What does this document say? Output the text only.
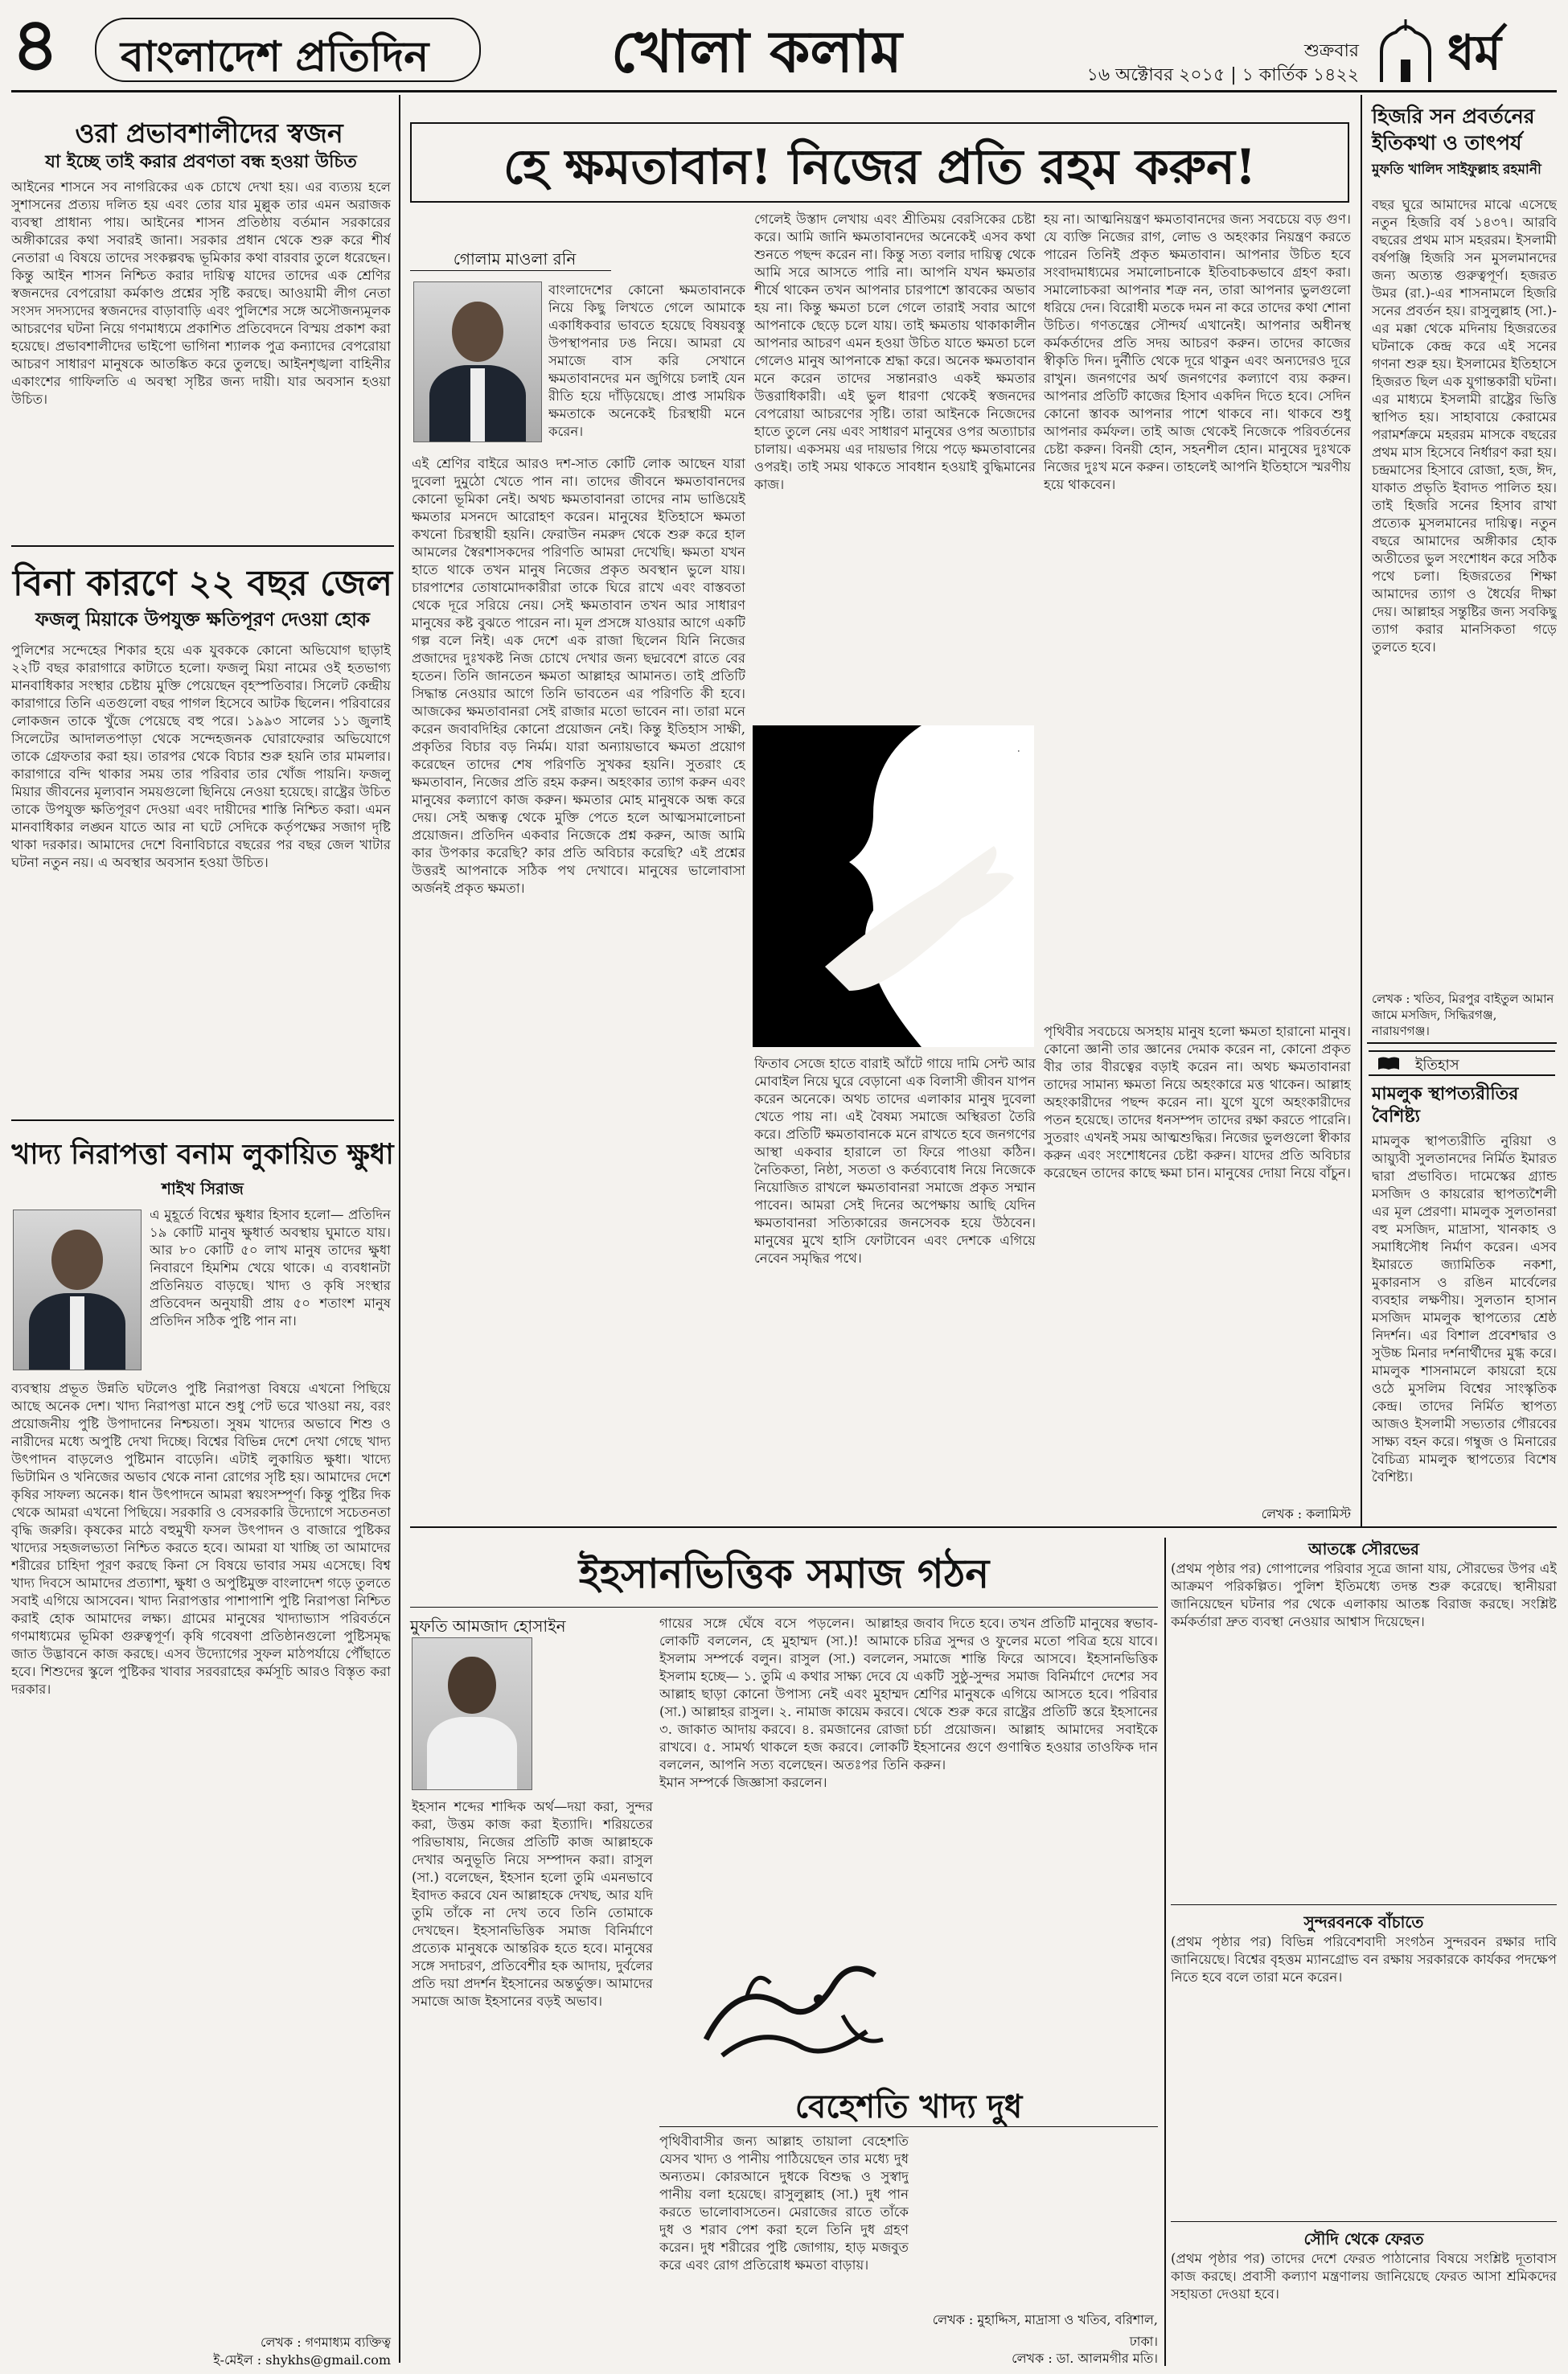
৪ বাংলাদেশ প্রতিদিন	খোলা কলাম	শুক্রবার
১৬ অক্টোবর ২০১৫ | ১ কার্তিক ১৪২২ ধর্ম
ওরা প্রভাবশালীদের স্বজন
যা ইচ্ছে তাই করার প্রবণতা বন্ধ হওয়া উচিত
আইনের শাসনে সব নাগরিকের এক চোখে দেখা হয়। এর ব্যত্যয় হলে সুশাসনের প্রত্যয় দলিত হয় এবং তোর যার মুল্লুক তার এমন অরাজক ব্যবস্থা প্রাধান্য পায়। আইনের শাসন প্রতিষ্ঠায় বর্তমান সরকারের অঙ্গীকারের কথা সবারই জানা। সরকার প্রধান থেকে শুরু করে শীর্ষ নেতারা এ বিষয়ে তাদের সংকল্পবদ্ধ ভূমিকার কথা বারবার তুলে ধরেছেন। কিন্তু আইন শাসন নিশ্চিত করার দায়িত্ব যাদের তাদের এক শ্রেণির স্বজনদের বেপরোয়া কর্মকাণ্ড প্রশ্নের সৃষ্টি করছে। আওয়ামী লীগ নেতা সংসদ সদস্যদের স্বজনদের বাড়াবাড়ি এবং পুলিশের সঙ্গে অসৌজন্যমূলক আচরণের ঘটনা নিয়ে গণমাধ্যমে প্রকাশিত প্রতিবেদনে বিস্ময় প্রকাশ করা হয়েছে। প্রভাবশালীদের ভাইপো ভাগিনা শ্যালক পুত্র কন্যাদের বেপরোয়া আচরণ সাধারণ মানুষকে আতঙ্কিত করে তুলছে। আইনশৃঙ্খলা বাহিনীর একাংশের গাফিলতি এ অবস্থা সৃষ্টির জন্য দায়ী। যার অবসান হওয়া উচিত।
বিনা কারণে ২২ বছর জেল
ফজলু মিয়াকে উপযুক্ত ক্ষতিপূরণ দেওয়া হোক
পুলিশের সন্দেহের শিকার হয়ে এক যুবককে কোনো অভিযোগ ছাড়াই ২২টি বছর কারাগারে কাটাতে হলো। ফজলু মিয়া নামের ওই হতভাগ্য মানবাধিকার সংস্থার চেষ্টায় মুক্তি পেয়েছেন বৃহস্পতিবার। সিলেট কেন্দ্রীয় কারাগারে তিনি এতগুলো বছর পাগল হিসেবে আটক ছিলেন। পরিবারের লোকজন তাকে খুঁজে পেয়েছে বহু পরে। ১৯৯৩ সালের ১১ জুলাই সিলেটের আদালতপাড়া থেকে সন্দেহজনক ঘোরাফেরার অভিযোগে তাকে গ্রেফতার করা হয়। তারপর থেকে বিচার শুরু হয়নি তার মামলার। কারাগারে বন্দি থাকার সময় তার পরিবার তার খোঁজ পায়নি। ফজলু মিয়ার জীবনের মূল্যবান সময়গুলো ছিনিয়ে নেওয়া হয়েছে। রাষ্ট্রের উচিত তাকে উপযুক্ত ক্ষতিপূরণ দেওয়া এবং দায়ীদের শাস্তি নিশ্চিত করা। এমন মানবাধিকার লঙ্ঘন যাতে আর না ঘটে সেদিকে কর্তৃপক্ষের সজাগ দৃষ্টি থাকা দরকার। আমাদের দেশে বিনাবিচারে বছরের পর বছর জেল খাটার ঘটনা নতুন নয়। এ অবস্থার অবসান হওয়া উচিত।
খাদ্য নিরাপত্তা বনাম লুকায়িত ক্ষুধা
শাইখ সিরাজ
এ মুহূর্তে বিশ্বের ক্ষুধার হিসাব হলো— প্রতিদিন ১৯ কোটি মানুষ ক্ষুধার্ত অবস্থায় ঘুমাতে যায়। আর ৮০ কোটি ৫০ লাখ মানুষ তাদের ক্ষুধা নিবারণে হিমশিম খেয়ে থাকে। এ ব্যবধানটা প্রতিনিয়ত বাড়ছে। খাদ্য ও কৃষি সংস্থার প্রতিবেদন অনুযায়ী প্রায় ৫০ শতাংশ মানুষ প্রতিদিন সঠিক পুষ্টি পান না।
ব্যবস্থায় প্রভূত উন্নতি ঘটলেও পুষ্টি নিরাপত্তা বিষয়ে এখনো পিছিয়ে আছে অনেক দেশ। খাদ্য নিরাপত্তা মানে শুধু পেট ভরে খাওয়া নয়, বরং প্রয়োজনীয় পুষ্টি উপাদানের নিশ্চয়তা। সুষম খাদ্যের অভাবে শিশু ও নারীদের মধ্যে অপুষ্টি দেখা দিচ্ছে। বিশ্বের বিভিন্ন দেশে দেখা গেছে খাদ্য উৎপাদন বাড়লেও পুষ্টিমান বাড়েনি। এটাই লুকায়িত ক্ষুধা। খাদ্যে ভিটামিন ও খনিজের অভাব থেকে নানা রোগের সৃষ্টি হয়। আমাদের দেশে কৃষির সাফল্য অনেক। ধান উৎপাদনে আমরা স্বয়ংসম্পূর্ণ। কিন্তু পুষ্টির দিক থেকে আমরা এখনো পিছিয়ে। সরকারি ও বেসরকারি উদ্যোগে সচেতনতা বৃদ্ধি জরুরি। কৃষকের মাঠে বহুমুখী ফসল উৎপাদন ও বাজারে পুষ্টিকর খাদ্যের সহজলভ্যতা নিশ্চিত করতে হবে। আমরা যা খাচ্ছি তা আমাদের শরীরের চাহিদা পূরণ করছে কিনা সে বিষয়ে ভাবার সময় এসেছে। বিশ্ব খাদ্য দিবসে আমাদের প্রত্যাশা, ক্ষুধা ও অপুষ্টিমুক্ত বাংলাদেশ গড়ে তুলতে সবাই এগিয়ে আসবেন। খাদ্য নিরাপত্তার পাশাপাশি পুষ্টি নিরাপত্তা নিশ্চিত করাই হোক আমাদের লক্ষ্য। গ্রামের মানুষের খাদ্যাভ্যাস পরিবর্তনে গণমাধ্যমের ভূমিকা গুরুত্বপূর্ণ। কৃষি গবেষণা প্রতিষ্ঠানগুলো পুষ্টিসমৃদ্ধ জাত উদ্ভাবনে কাজ করছে। এসব উদ্যোগের সুফল মাঠপর্যায়ে পৌঁছাতে হবে। শিশুদের স্কুলে পুষ্টিকর খাবার সরবরাহের কর্মসূচি আরও বিস্তৃত করা দরকার।
লেখক : গণমাধ্যম ব্যক্তিত্ব
ই-মেইল : shykhs@gmail.com
হে ক্ষমতাবান! নিজের প্রতি রহম করুন!
গোলাম মাওলা রনি
বাংলাদেশের কোনো ক্ষমতাবানকে নিয়ে কিছু লিখতে গেলে আমাকে একাধিকবার ভাবতে হয়েছে বিষয়বস্তু উপস্থাপনার ঢঙ নিয়ে। আমরা যে সমাজে বাস করি সেখানে ক্ষমতাবানদের মন জুগিয়ে চলাই যেন রীতি হয়ে দাঁড়িয়েছে। প্রাপ্ত সাময়িক ক্ষমতাকে অনেকেই চিরস্থায়ী মনে করেন।
এই শ্রেণির বাইরে আরও দশ-সাত কোটি লোক আছেন যারা দুবেলা দুমুঠো খেতে পান না। তাদের জীবনে ক্ষমতাবানদের কোনো ভূমিকা নেই। অথচ ক্ষমতাবানরা তাদের নাম ভাঙিয়েই ক্ষমতার মসনদে আরোহণ করেন। মানুষের ইতিহাসে ক্ষমতা কখনো চিরস্থায়ী হয়নি। ফেরাউন নমরুদ থেকে শুরু করে হাল আমলের স্বৈরশাসকদের পরিণতি আমরা দেখেছি। ক্ষমতা যখন হাতে থাকে তখন মানুষ নিজের প্রকৃত অবস্থান ভুলে যায়। চারপাশের তোষামোদকারীরা তাকে ঘিরে রাখে এবং বাস্তবতা থেকে দূরে সরিয়ে নেয়। সেই ক্ষমতাবান তখন আর সাধারণ মানুষের কষ্ট বুঝতে পারেন না। মূল প্রসঙ্গে যাওয়ার আগে একটি গল্প বলে নিই। এক দেশে এক রাজা ছিলেন যিনি নিজের প্রজাদের দুঃখকষ্ট নিজ চোখে দেখার জন্য ছদ্মবেশে রাতে বের হতেন। তিনি জানতেন ক্ষমতা আল্লাহর আমানত। তাই প্রতিটি সিদ্ধান্ত নেওয়ার আগে তিনি ভাবতেন এর পরিণতি কী হবে। আজকের ক্ষমতাবানরা সেই রাজার মতো ভাবেন না। তারা মনে করেন জবাবদিহির কোনো প্রয়োজন নেই। কিন্তু ইতিহাস সাক্ষী, প্রকৃতির বিচার বড় নির্মম। যারা অন্যায়ভাবে ক্ষমতা প্রয়োগ করেছেন তাদের শেষ পরিণতি সুখকর হয়নি। সুতরাং হে ক্ষমতাবান, নিজের প্রতি রহম করুন। অহংকার ত্যাগ করুন এবং মানুষের কল্যাণে কাজ করুন। ক্ষমতার মোহ মানুষকে অন্ধ করে দেয়। সেই অন্ধত্ব থেকে মুক্তি পেতে হলে আত্মসমালোচনা প্রয়োজন। প্রতিদিন একবার নিজেকে প্রশ্ন করুন, আজ আমি কার উপকার করেছি? কার প্রতি অবিচার করেছি? এই প্রশ্নের উত্তরই আপনাকে সঠিক পথ দেখাবে। মানুষের ভালোবাসা অর্জনই প্রকৃত ক্ষমতা।
গেলেই উস্তাদ লেখায় এবং শ্রীতিময় বেরসিকের চেষ্টা করে। আমি জানি ক্ষমতাবানদের অনেকেই এসব কথা শুনতে পছন্দ করেন না। কিন্তু সত্য বলার দায়িত্ব থেকে আমি সরে আসতে পারি না। আপনি যখন ক্ষমতার শীর্ষে থাকেন তখন আপনার চারপাশে স্তাবকের অভাব হয় না। কিন্তু ক্ষমতা চলে গেলে তারাই সবার আগে আপনাকে ছেড়ে চলে যায়। তাই ক্ষমতায় থাকাকালীন আপনার আচরণ এমন হওয়া উচিত যাতে ক্ষমতা চলে গেলেও মানুষ আপনাকে শ্রদ্ধা করে। অনেক ক্ষমতাবান মনে করেন তাদের সন্তানরাও একই ক্ষমতার উত্তরাধিকারী। এই ভুল ধারণা থেকেই স্বজনদের বেপরোয়া আচরণের সৃষ্টি। তারা আইনকে নিজেদের হাতে তুলে নেয় এবং সাধারণ মানুষের ওপর অত্যাচার চালায়। একসময় এর দায়ভার গিয়ে পড়ে ক্ষমতাবানের ওপরই। তাই সময় থাকতে সাবধান হওয়াই বুদ্ধিমানের কাজ।
হয় না। আত্মনিয়ন্ত্রণ ক্ষমতাবানদের জন্য সবচেয়ে বড় গুণ। যে ব্যক্তি নিজের রাগ, লোভ ও অহংকার নিয়ন্ত্রণ করতে পারেন তিনিই প্রকৃত ক্ষমতাবান। আপনার উচিত হবে সংবাদমাধ্যমের সমালোচনাকে ইতিবাচকভাবে গ্রহণ করা। সমালোচকরা আপনার শত্রু নন, তারা আপনার ভুলগুলো ধরিয়ে দেন। বিরোধী মতকে দমন না করে তাদের কথা শোনা উচিত। গণতন্ত্রের সৌন্দর্য এখানেই। আপনার অধীনস্থ কর্মকর্তাদের প্রতি সদয় আচরণ করুন। তাদের কাজের স্বীকৃতি দিন। দুর্নীতি থেকে দূরে থাকুন এবং অন্যদেরও দূরে রাখুন। জনগণের অর্থ জনগণের কল্যাণে ব্যয় করুন। আপনার প্রতিটি কাজের হিসাব একদিন দিতে হবে। সেদিন কোনো স্তাবক আপনার পাশে থাকবে না। থাকবে শুধু আপনার কর্মফল। তাই আজ থেকেই নিজেকে পরিবর্তনের চেষ্টা করুন। বিনয়ী হোন, সহনশীল হোন। মানুষের দুঃখকে নিজের দুঃখ মনে করুন। তাহলেই আপনি ইতিহাসে স্মরণীয় হয়ে থাকবেন।
.
ফিতাব সেজে হাতে বারাই আঁটে গায়ে দামি সেন্ট আর মোবাইল নিয়ে ঘুরে বেড়ানো এক বিলাসী জীবন যাপন করেন অনেকে। অথচ তাদের এলাকার মানুষ দুবেলা খেতে পায় না। এই বৈষম্য সমাজে অস্থিরতা তৈরি করে। প্রতিটি ক্ষমতাবানকে মনে রাখতে হবে জনগণের আস্থা একবার হারালে তা ফিরে পাওয়া কঠিন। নৈতিকতা, নিষ্ঠা, সততা ও কর্তব্যবোধ নিয়ে নিজেকে নিয়োজিত রাখলে ক্ষমতাবানরা সমাজে প্রকৃত সম্মান পাবেন। আমরা সেই দিনের অপেক্ষায় আছি যেদিন ক্ষমতাবানরা সত্যিকারের জনসেবক হয়ে উঠবেন। মানুষের মুখে হাসি ফোটাবেন এবং দেশকে এগিয়ে নেবেন সমৃদ্ধির পথে।
পৃথিবীর সবচেয়ে অসহায় মানুষ হলো ক্ষমতা হারানো মানুষ। কোনো জ্ঞানী তার জ্ঞানের দেমাক করেন না, কোনো প্রকৃত বীর তার বীরত্বের বড়াই করেন না। অথচ ক্ষমতাবানরা তাদের সামান্য ক্ষমতা নিয়ে অহংকারে মত্ত থাকেন। আল্লাহ অহংকারীদের পছন্দ করেন না। যুগে যুগে অহংকারীদের পতন হয়েছে। তাদের ধনসম্পদ তাদের রক্ষা করতে পারেনি। সুতরাং এখনই সময় আত্মশুদ্ধির। নিজের ভুলগুলো স্বীকার করুন এবং সংশোধনের চেষ্টা করুন। যাদের প্রতি অবিচার করেছেন তাদের কাছে ক্ষমা চান। মানুষের দোয়া নিয়ে বাঁচুন।
লেখক : কলামিস্ট
হিজরি সন প্রবর্তনের ইতিকথা ও তাৎপর্য
মুফতি খালিদ সাইফুল্লাহ রহমানী
বছর ঘুরে আমাদের মাঝে এসেছে নতুন হিজরি বর্ষ ১৪৩৭। আরবি বছরের প্রথম মাস মহররম। ইসলামী বর্ষপঞ্জি হিজরি সন মুসলমানদের জন্য অত্যন্ত গুরুত্বপূর্ণ। হজরত উমর (রা.)-এর শাসনামলে হিজরি সনের প্রবর্তন হয়। রাসুলুল্লাহ (সা.)-এর মক্কা থেকে মদিনায় হিজরতের ঘটনাকে কেন্দ্র করে এই সনের গণনা শুরু হয়। ইসলামের ইতিহাসে হিজরত ছিল এক যুগান্তকারী ঘটনা। এর মাধ্যমে ইসলামী রাষ্ট্রের ভিত্তি স্থাপিত হয়। সাহাবায়ে কেরামের পরামর্শক্রমে মহররম মাসকে বছরের প্রথম মাস হিসেবে নির্ধারণ করা হয়। চন্দ্রমাসের হিসাবে রোজা, হজ, ঈদ, যাকাত প্রভৃতি ইবাদত পালিত হয়। তাই হিজরি সনের হিসাব রাখা প্রত্যেক মুসলমানের দায়িত্ব। নতুন বছরে আমাদের অঙ্গীকার হোক অতীতের ভুল সংশোধন করে সঠিক পথে চলা। হিজরতের শিক্ষা আমাদের ত্যাগ ও ধৈর্যের দীক্ষা দেয়। আল্লাহর সন্তুষ্টির জন্য সবকিছু ত্যাগ করার মানসিকতা গড়ে তুলতে হবে।
লেখক : খতিব, মিরপুর বাইতুল আমান জামে মসজিদ, সিদ্ধিরগঞ্জ, নারায়ণগঞ্জ।
ইতিহাস
মামলুক স্থাপত্যরীতির বৈশিষ্ট্য
মামলুক স্থাপত্যরীতি নুরিয়া ও আয়্যুবী সুলতানদের নির্মিত ইমারত দ্বারা প্রভাবিত। দামেস্কের গ্র্যান্ড মসজিদ ও কায়রোর স্থাপত্যশৈলী এর মূল প্রেরণা। মামলুক সুলতানরা বহু মসজিদ, মাদ্রাসা, খানকাহ ও সমাধিসৌধ নির্মাণ করেন। এসব ইমারতে জ্যামিতিক নকশা, মুকারনাস ও রঙিন মার্বেলের ব্যবহার লক্ষণীয়। সুলতান হাসান মসজিদ মামলুক স্থাপত্যের শ্রেষ্ঠ নিদর্শন। এর বিশাল প্রবেশদ্বার ও সুউচ্চ মিনার দর্শনার্থীদের মুগ্ধ করে। মামলুক শাসনামলে কায়রো হয়ে ওঠে মুসলিম বিশ্বের সাংস্কৃতিক কেন্দ্র। তাদের নির্মিত স্থাপত্য আজও ইসলামী সভ্যতার গৌরবের সাক্ষ্য বহন করে। গম্বুজ ও মিনারের বৈচিত্র্য মামলুক স্থাপত্যের বিশেষ বৈশিষ্ট্য।
ইহসানভিত্তিক সমাজ গঠন
মুফতি আমজাদ হোসাইন
ইহসান শব্দের শাব্দিক অর্থ—দয়া করা, সুন্দর করা, উত্তম কাজ করা ইত্যাদি। শরিয়তের পরিভাষায়, নিজের প্রতিটি কাজ আল্লাহকে দেখার অনুভূতি নিয়ে সম্পাদন করা। রাসুল (সা.) বলেছেন, ইহসান হলো তুমি এমনভাবে ইবাদত করবে যেন আল্লাহকে দেখছ, আর যদি তুমি তাঁকে না দেখ তবে তিনি তোমাকে দেখছেন। ইহসানভিত্তিক সমাজ বিনির্মাণে প্রত্যেক মানুষকে আন্তরিক হতে হবে। মানুষের সঙ্গে সদাচরণ, প্রতিবেশীর হক আদায়, দুর্বলের প্রতি দয়া প্রদর্শন ইহসানের অন্তর্ভুক্ত। আমাদের সমাজে আজ ইহসানের বড়ই অভাব।
গায়ের সঙ্গে ঘেঁষে বসে পড়লেন। আল্লাহর লোকটি বললেন, হে মুহাম্মদ (সা.)! আমাকে ইসলাম সম্পর্কে বলুন। রাসুল (সা.) বললেন, ইসলাম হচ্ছে— ১. তুমি এ কথার সাক্ষ্য দেবে যে আল্লাহ ছাড়া কোনো উপাস্য নেই এবং মুহাম্মদ (সা.) আল্লাহর রাসুল। ২. নামাজ কায়েম করবে। ৩. জাকাত আদায় করবে। ৪. রমজানের রোজা রাখবে। ৫. সামর্থ্য থাকলে হজ করবে। লোকটি বললেন, আপনি সত্য বলেছেন। অতঃপর তিনি ইমান সম্পর্কে জিজ্ঞাসা করলেন।
জবাব দিতে হবে। তখন প্রতিটি মানুষের স্বভাব-চরিত্র সুন্দর ও ফুলের মতো পবিত্র হয়ে যাবে। সমাজে শান্তি ফিরে আসবে। ইহসানভিত্তিক একটি সুষ্ঠু-সুন্দর সমাজ বিনির্মাণে দেশের সব শ্রেণির মানুষকে এগিয়ে আসতে হবে। পরিবার থেকে শুরু করে রাষ্ট্রের প্রতিটি স্তরে ইহসানের চর্চা প্রয়োজন। আল্লাহ আমাদের সবাইকে ইহসানের গুণে গুণান্বিত হওয়ার তাওফিক দান করুন।
লেখক : মুহাদ্দিস, মাদ্রাসা ও খতিব, বরিশাল, ঢাকা।
বেহেশতি খাদ্য দুধ
পৃথিবীবাসীর জন্য আল্লাহ তায়ালা বেহেশতি যেসব খাদ্য ও পানীয় পাঠিয়েছেন তার মধ্যে দুধ অন্যতম। কোরআনে দুধকে বিশুদ্ধ ও সুস্বাদু পানীয় বলা হয়েছে। রাসুলুল্লাহ (সা.) দুধ পান করতে ভালোবাসতেন। মেরাজের রাতে তাঁকে দুধ ও শরাব পেশ করা হলে তিনি দুধ গ্রহণ করেন। দুধ শরীরের পুষ্টি জোগায়, হাড় মজবুত করে এবং রোগ প্রতিরোধ ক্ষমতা বাড়ায়।
লেখক : ডা. আলমগীর মতি।
আতঙ্কে সৌরভের
(প্রথম পৃষ্ঠার পর) গোপালের পরিবার সূত্রে জানা যায়, সৌরভের উপর এই আক্রমণ পরিকল্পিত। পুলিশ ইতিমধ্যে তদন্ত শুরু করেছে। স্থানীয়রা জানিয়েছেন ঘটনার পর থেকে এলাকায় আতঙ্ক বিরাজ করছে। সংশ্লিষ্ট কর্মকর্তারা দ্রুত ব্যবস্থা নেওয়ার আশ্বাস দিয়েছেন।
সুন্দরবনকে বাঁচাতে
(প্রথম পৃষ্ঠার পর) বিভিন্ন পরিবেশবাদী সংগঠন সুন্দরবন রক্ষার দাবি জানিয়েছে। বিশ্বের বৃহত্তম ম্যানগ্রোভ বন রক্ষায় সরকারকে কার্যকর পদক্ষেপ নিতে হবে বলে তারা মনে করেন।
সৌদি থেকে ফেরত
(প্রথম পৃষ্ঠার পর) তাদের দেশে ফেরত পাঠানোর বিষয়ে সংশ্লিষ্ট দূতাবাস কাজ করছে। প্রবাসী কল্যাণ মন্ত্রণালয় জানিয়েছে ফেরত আসা শ্রমিকদের সহায়তা দেওয়া হবে।
